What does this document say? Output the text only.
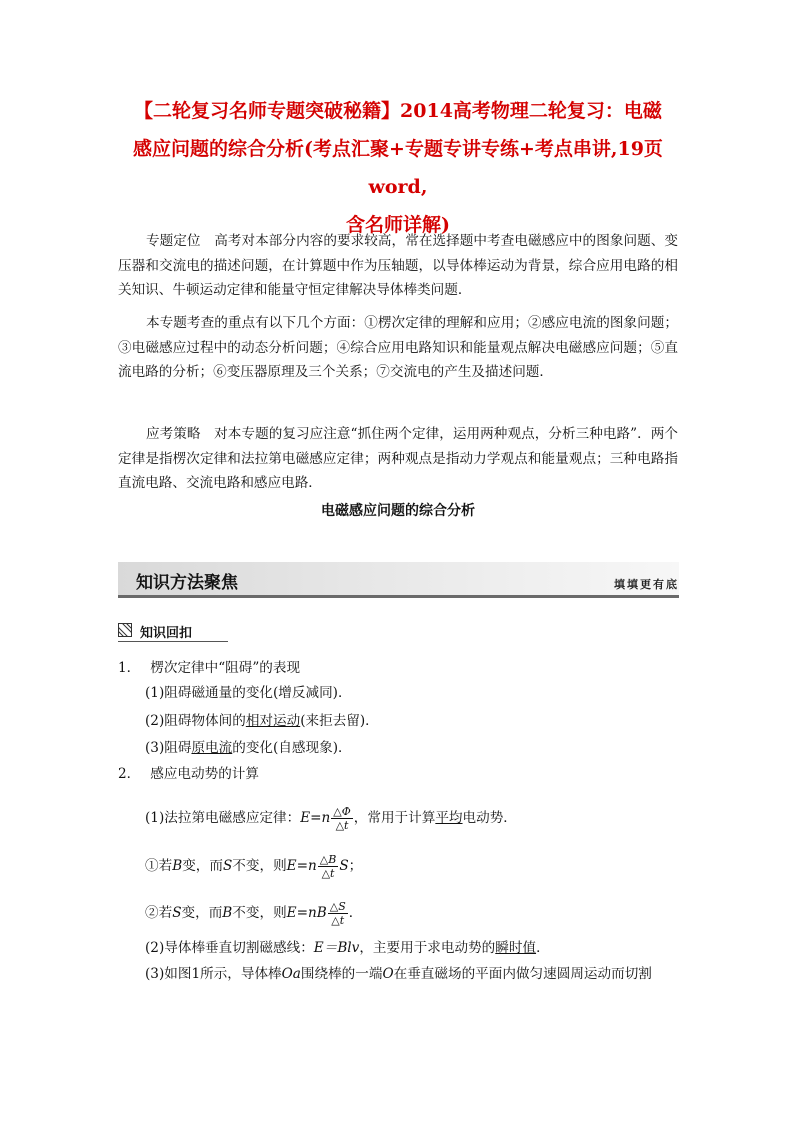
【二轮复习名师专题突破秘籍】2014高考物理二轮复习：电磁
感应问题的综合分析(考点汇聚+专题专讲专练+考点串讲,19页word,
含名师详解)
专题定位　高考对本部分内容的要求较高，常在选择题中考查电磁感应中的图象问题、变压器和交流电的描述问题，在计算题中作为压轴题，以导体棒运动为背景，综合应用电路的相关知识、牛顿运动定律和能量守恒定律解决导体棒类问题．
本专题考查的重点有以下几个方面：①楞次定律的理解和应用；②感应电流的图象问题；③电磁感应过程中的动态分析问题；④综合应用电路知识和能量观点解决电磁感应问题；⑤直流电路的分析；⑥变压器原理及三个关系；⑦交流电的产生及描述问题．
应考策略　对本专题的复习应注意“抓住两个定律，运用两种观点，分析三种电路”．两个定律是指楞次定律和法拉第电磁感应定律；两种观点是指动力学观点和能量观点；三种电路指直流电路、交流电路和感应电路．
电磁感应问题的综合分析
知识方法聚焦	填填更有底
知识回扣
1． 楞次定律中“阻碍”的表现
(1)阻碍磁通量的变化(增反减同)．
(2)阻碍物体间的相对运动(来拒去留)．
(3)阻碍原电流的变化(自感现象)．
2． 感应电动势的计算
(1)法拉第电磁感应定律：$E=n \frac{\triangle\Phi}{\triangle t}$ ，常用于计算平均电动势．
①若B变，而S不变，则$E=n \frac{\triangle B}{\triangle t}$ S；
②若S变，而B不变，则$E=nB \frac{\triangle S}{\triangle t}$ ．
(2)导体棒垂直切割磁感线：E＝Blv，主要用于求电动势的瞬时值．
(3)如图1所示，导体棒Oa围绕棒的一端O在垂直磁场的平面内做匀速圆周运动而切割
